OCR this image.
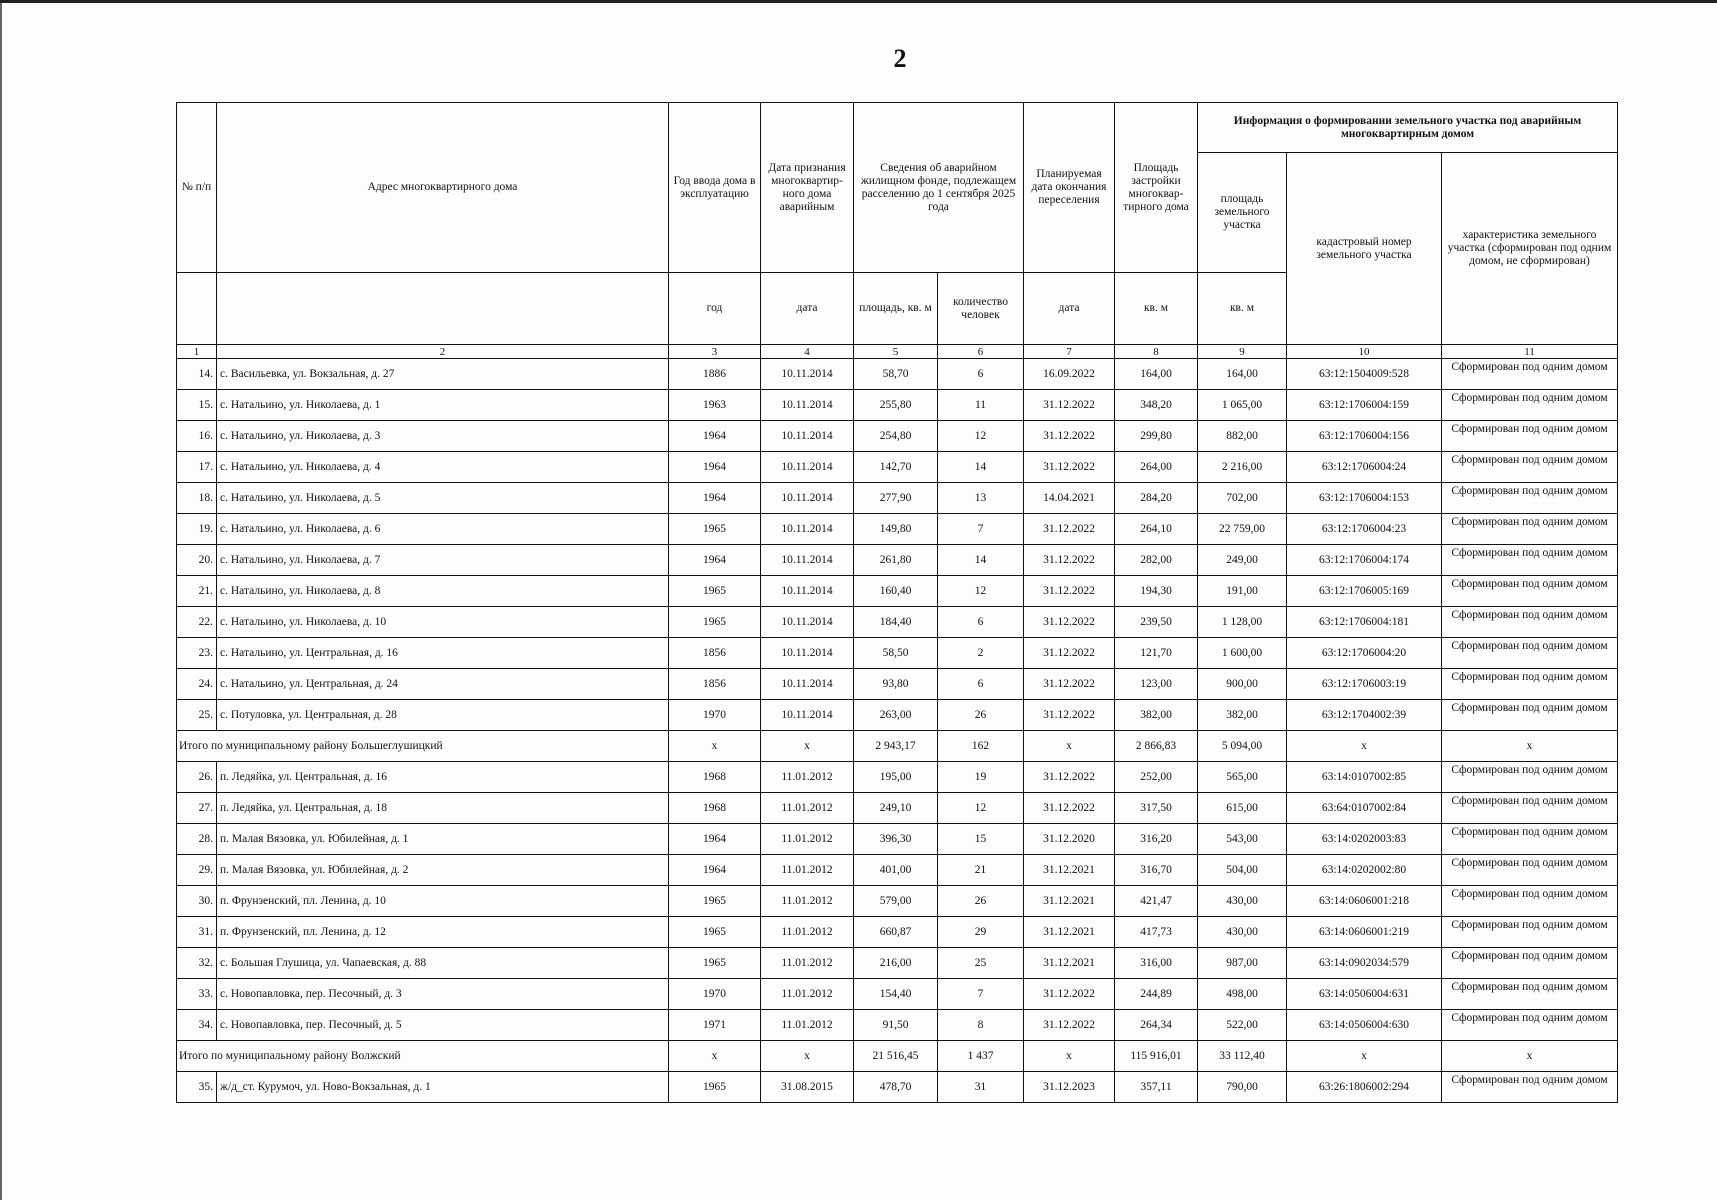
2
№ п/п	Адрес многоквартирного дома	Год ввода дома в эксплуатацию	Дата признания многоквартир-ного дома аварийным	Сведения об аварийном жилищном фонде, подлежащем расселению до 1 сентября 2025 года		Планируемая дата окончания переселения	Площадь застройки многоквар-тирного дома	Информация о формировании земельного участка под аварийным многоквартирным домом		
								площадь земельного участка	кадастровый номер земельного участка	характеристика земельного участка (сформирован под одним домом, не сформирован)
		год	дата	площадь, кв. м	количество человек	дата	кв. м	кв. м		
1	2	3	4	5	6	7	8	9	10	11
14.	с. Васильевка, ул. Вокзальная, д. 27	1886	10.11.2014	58,70	6	16.09.2022	164,00	164,00	63:12:1504009:528	Сформирован под одним домом

15.	с. Натальино, ул. Николаева, д. 1	1963	10.11.2014	255,80	11	31.12.2022	348,20	1 065,00	63:12:1706004:159	Сформирован под одним домом

16.	с. Натальино, ул. Николаева, д. 3	1964	10.11.2014	254,80	12	31.12.2022	299,80	882,00	63:12:1706004:156	Сформирован под одним домом

17.	с. Натальино, ул. Николаева, д. 4	1964	10.11.2014	142,70	14	31.12.2022	264,00	2 216,00	63:12:1706004:24	Сформирован под одним домом

18.	с. Натальино, ул. Николаева, д. 5	1964	10.11.2014	277,90	13	14.04.2021	284,20	702,00	63:12:1706004:153	Сформирован под одним домом

19.	с. Натальино, ул. Николаева, д. 6	1965	10.11.2014	149,80	7	31.12.2022	264,10	22 759,00	63:12:1706004:23	Сформирован под одним домом

20.	с. Натальино, ул. Николаева, д. 7	1964	10.11.2014	261,80	14	31.12.2022	282,00	249,00	63:12:1706004:174	Сформирован под одним домом

21.	с. Натальино, ул. Николаева, д. 8	1965	10.11.2014	160,40	12	31.12.2022	194,30	191,00	63:12:1706005:169	Сформирован под одним домом

22.	с. Натальино, ул. Николаева, д. 10	1965	10.11.2014	184,40	6	31.12.2022	239,50	1 128,00	63:12:1706004:181	Сформирован под одним домом

23.	с. Натальино, ул. Центральная, д. 16	1856	10.11.2014	58,50	2	31.12.2022	121,70	1 600,00	63:12:1706004:20	Сформирован под одним домом

24.	с. Натальино, ул. Центральная, д. 24	1856	10.11.2014	93,80	6	31.12.2022	123,00	900,00	63:12:1706003:19	Сформирован под одним домом

25.	с. Потуловка, ул. Центральная, д. 28	1970	10.11.2014	263,00	26	31.12.2022	382,00	382,00	63:12:1704002:39	Сформирован под одним домом

Итого по муниципальному району Большеглушицкий		x	x	2 943,17	162	x	2 866,83	5 094,00	x	x
26.	п. Ледяйка, ул. Центральная, д. 16	1968	11.01.2012	195,00	19	31.12.2022	252,00	565,00	63:14:0107002:85	Сформирован под одним домом

27.	п. Ледяйка, ул. Центральная, д. 18	1968	11.01.2012	249,10	12	31.12.2022	317,50	615,00	63:64:0107002:84	Сформирован под одним домом

28.	п. Малая Вязовка, ул. Юбилейная, д. 1	1964	11.01.2012	396,30	15	31.12.2020	316,20	543,00	63:14:0202003:83	Сформирован под одним домом

29.	п. Малая Вязовка, ул. Юбилейная, д. 2	1964	11.01.2012	401,00	21	31.12.2021	316,70	504,00	63:14:0202002:80	Сформирован под одним домом

30.	п. Фрунзенский, пл. Ленина, д. 10	1965	11.01.2012	579,00	26	31.12.2021	421,47	430,00	63:14:0606001:218	Сформирован под одним домом

31.	п. Фрунзенский, пл. Ленина, д. 12	1965	11.01.2012	660,87	29	31.12.2021	417,73	430,00	63:14:0606001:219	Сформирован под одним домом

32.	с. Большая Глушица, ул. Чапаевская, д. 88	1965	11.01.2012	216,00	25	31.12.2021	316,00	987,00	63:14:0902034:579	Сформирован под одним домом

33.	с. Новопавловка, пер. Песочный, д. 3	1970	11.01.2012	154,40	7	31.12.2022	244,89	498,00	63:14:0506004:631	Сформирован под одним домом

34.	с. Новопавловка, пер. Песочный, д. 5	1971	11.01.2012	91,50	8	31.12.2022	264,34	522,00	63:14:0506004:630	Сформирован под одним домом

Итого по муниципальному району Волжский		x	x	21 516,45	1 437	x	115 916,01	33 112,40	x	x
35.	ж/д_ст. Курумоч, ул. Ново-Вокзальная, д. 1	1965	31.08.2015	478,70	31	31.12.2023	357,11	790,00	63:26:1806002:294	Сформирован под одним домом
